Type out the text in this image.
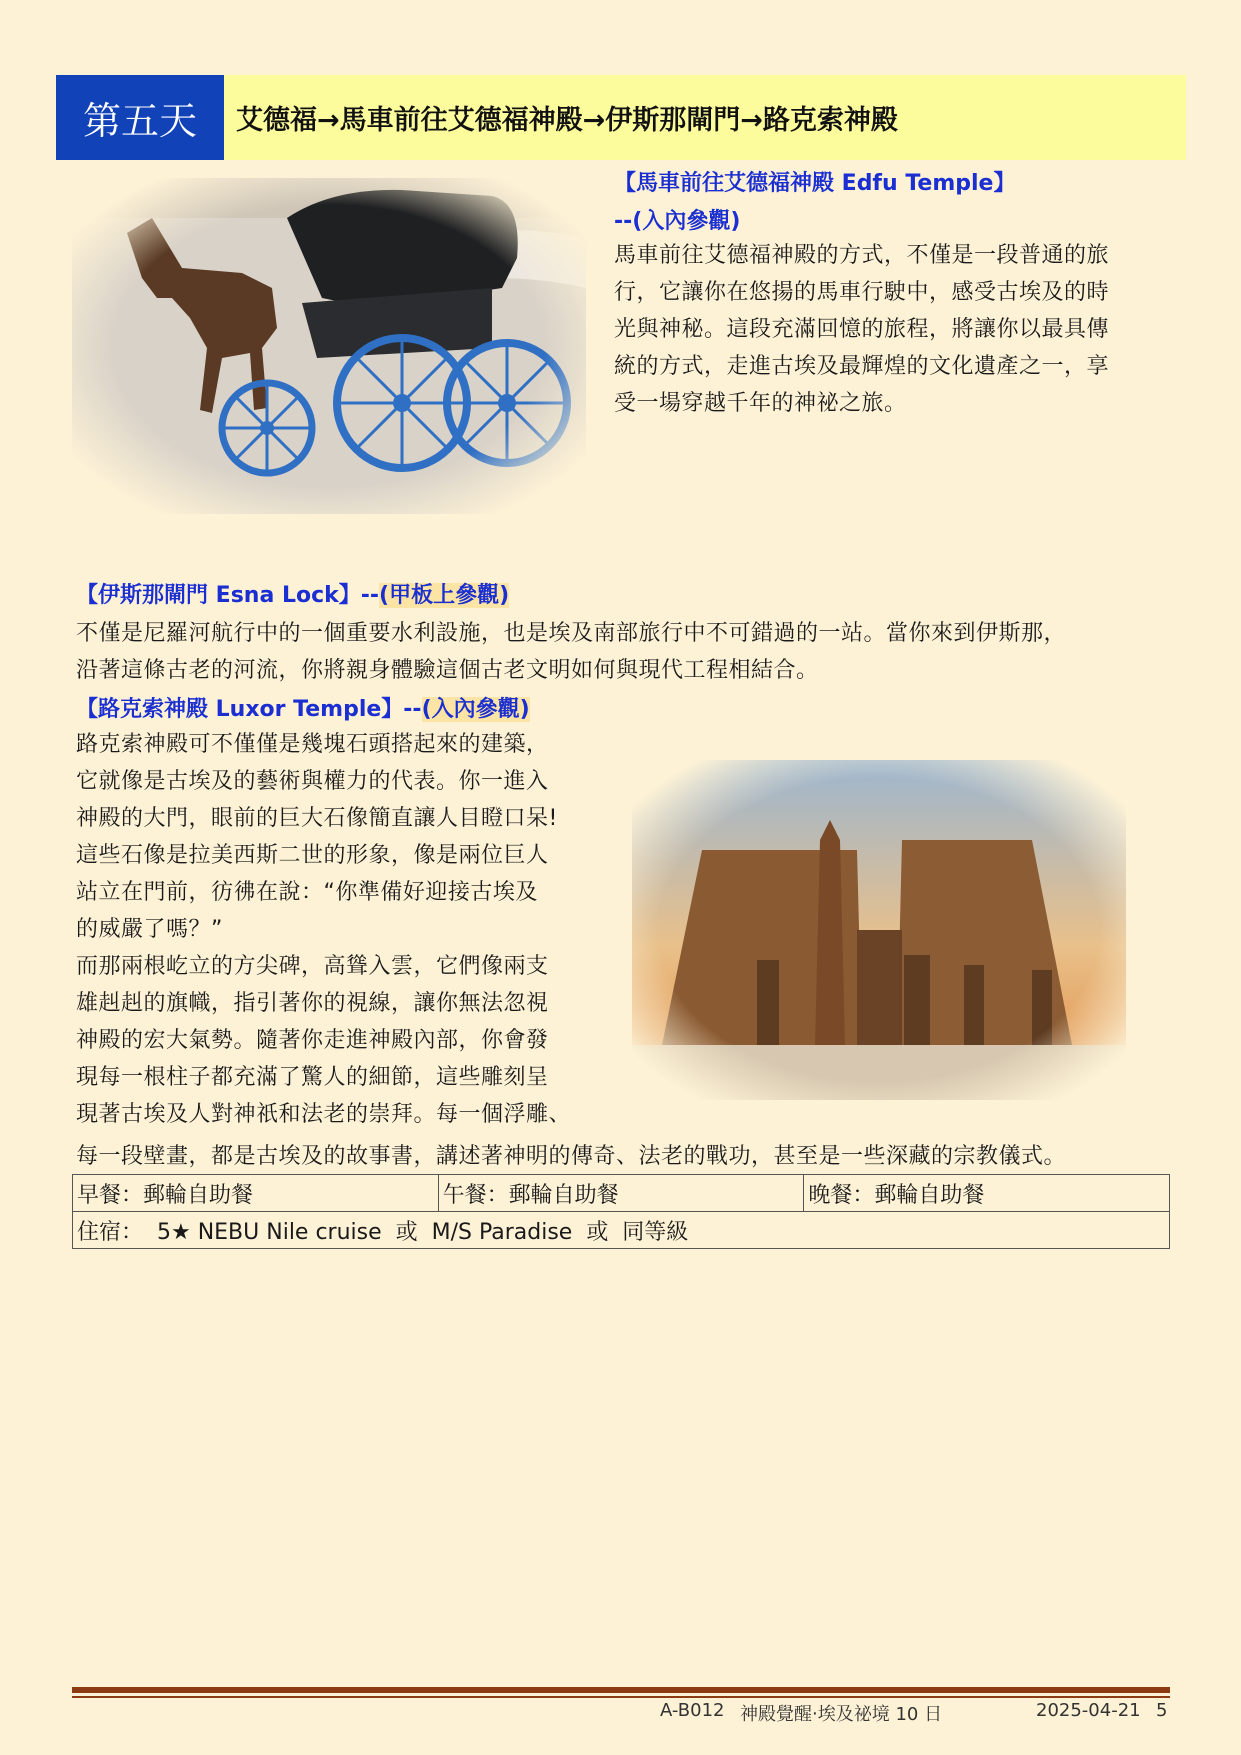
第五天	艾德福→馬車前往艾德福神殿→伊斯那閘門→路克索神殿
【馬車前往艾德福神殿 Edfu Temple】
--(入內參觀)
馬車前往艾德福神殿的方式，不僅是一段普通的旅
行，它讓你在悠揚的馬車行駛中，感受古埃及的時
光與神秘。這段充滿回憶的旅程，將讓你以最具傳
統的方式，走進古埃及最輝煌的文化遺產之一，享
受一場穿越千年的神祕之旅。
【伊斯那閘門 Esna Lock】--(甲板上參觀)
不僅是尼羅河航行中的一個重要水利設施，也是埃及南部旅行中不可錯過的一站。當你來到伊斯那，
沿著這條古老的河流，你將親身體驗這個古老文明如何與現代工程相結合。
【路克索神殿 Luxor Temple】--(入內參觀)
路克索神殿可不僅僅是幾塊石頭搭起來的建築，
它就像是古埃及的藝術與權力的代表。你一進入
神殿的大門，眼前的巨大石像簡直讓人目瞪口呆!
這些石像是拉美西斯二世的形象，像是兩位巨人
站立在門前，彷彿在說：“你準備好迎接古埃及
的威嚴了嗎？”
而那兩根屹立的方尖碑，高聳入雲，它們像兩支
雄赳赳的旗幟，指引著你的視線，讓你無法忽視
神殿的宏大氣勢。隨著你走進神殿內部，你會發
現每一根柱子都充滿了驚人的細節，這些雕刻呈
現著古埃及人對神祇和法老的崇拜。每一個浮雕、
每一段壁畫，都是古埃及的故事書，講述著神明的傳奇、法老的戰功，甚至是一些深藏的宗教儀式。
早餐：郵輪自助餐	午餐：郵輪自助餐	晚餐：郵輪自助餐
住宿：  5★ NEBU Nile cruise  或  M/S Paradise  或  同等級
A-B012 神殿覺醒‧埃及祕境 10 日	2025-04-21 5
